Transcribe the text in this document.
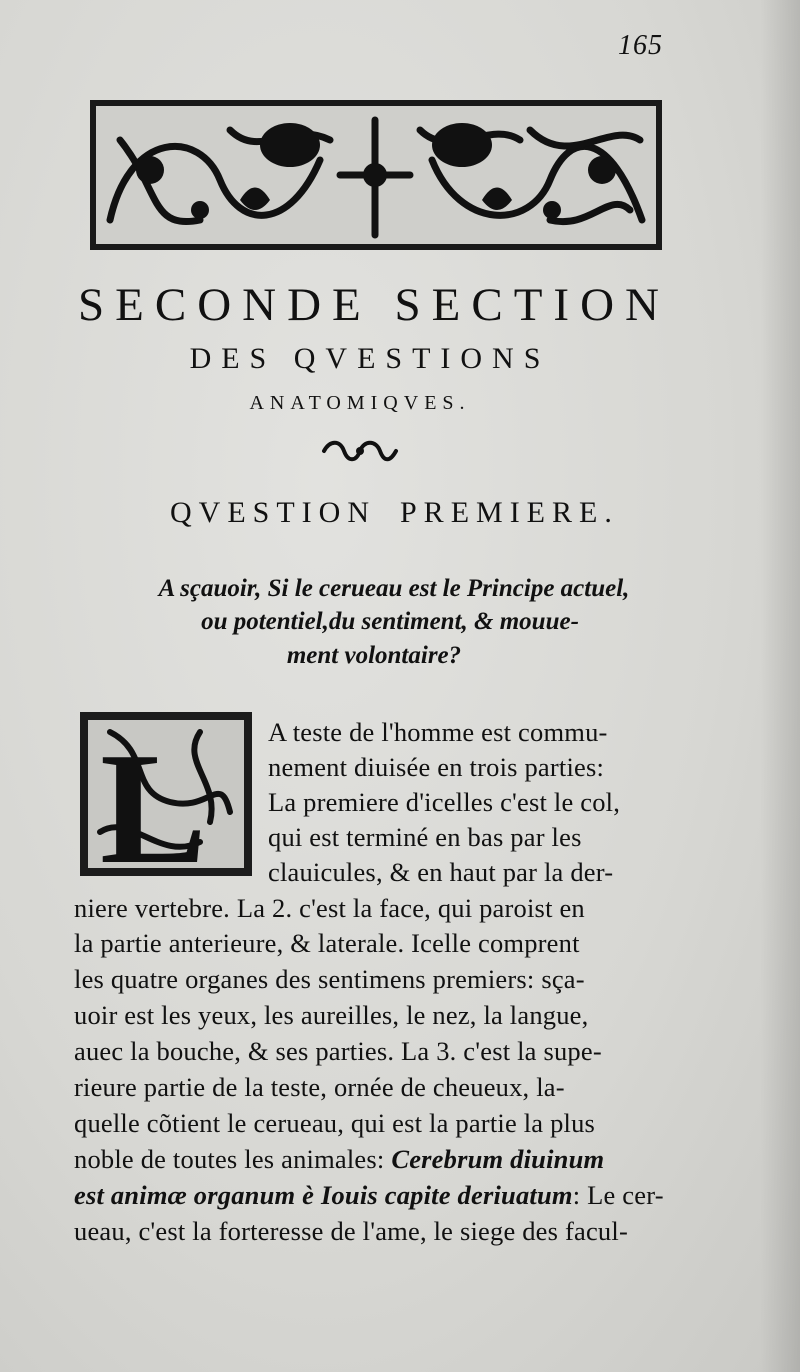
165
SECONDE SECTION
DES QVESTIONS
ANATOMIQVES.
QVESTION PREMIERE.
A sçauoir, Si le cerueau est le Principe actuel,
ou potentiel,du sentiment, & mouue-
ment volontaire?
L A teste de l'homme est commu-
nement diuisée en trois parties:
La premiere d'icelles c'est le col,
qui est terminé en bas par les
clauicules, & en haut par la der-
niere vertebre. La 2. c'est la face, qui paroist en
la partie anterieure, & laterale. Icelle comprent
les quatre organes des sentimens premiers: sça-
uoir est les yeux, les aureilles, le nez, la langue,
auec la bouche, & ses parties. La 3. c'est la supe-
rieure partie de la teste, ornée de cheueux, la-
quelle cõtient le cerueau, qui est la partie la plus
noble de toutes les animales: Cerebrum diuinum
est animæ organum è Iouis capite deriuatum: Le cer-
ueau, c'est la forteresse de l'ame, le siege des facul-
